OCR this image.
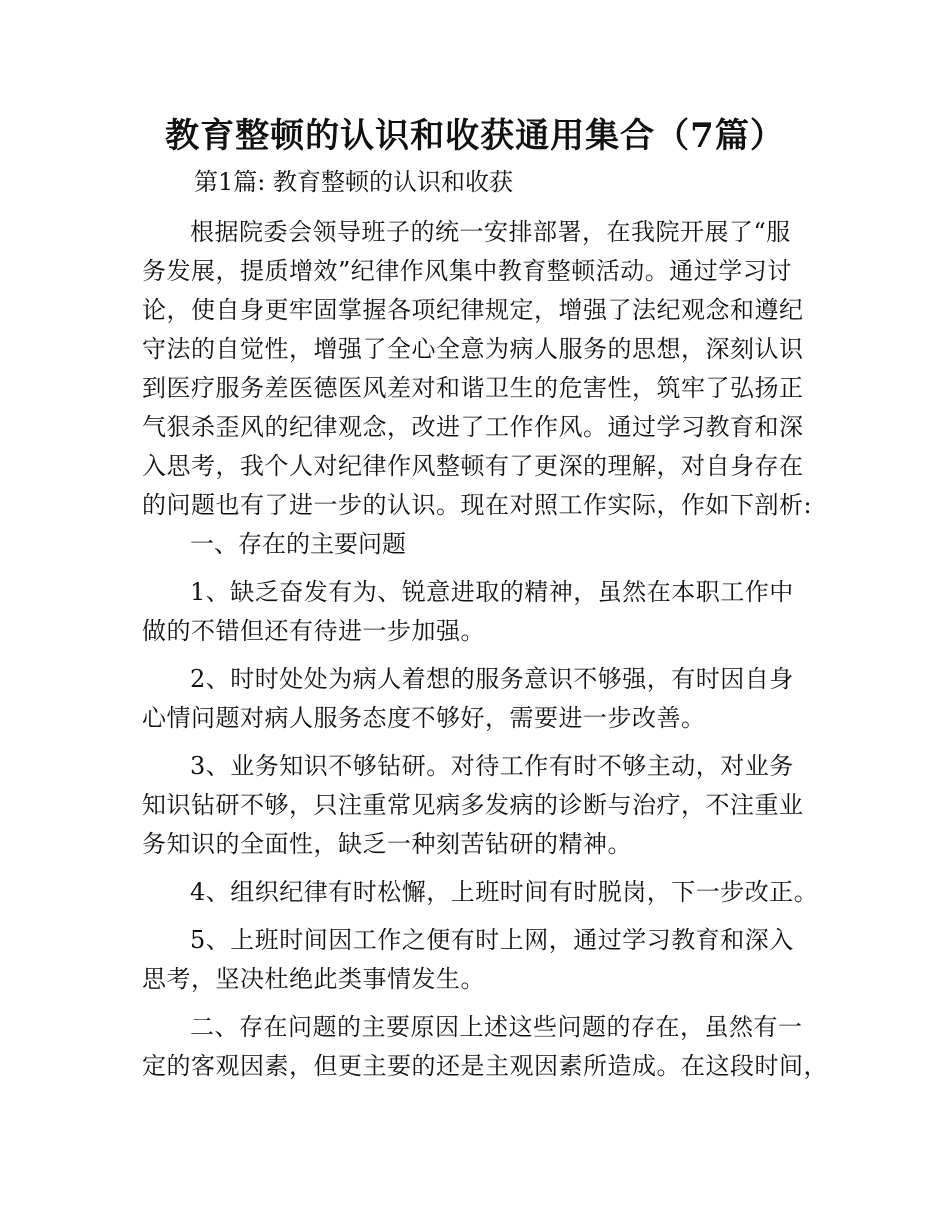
教育整顿的认识和收获通用集合（7篇）

第1篇: 教育整顿的认识和收获

根据院委会领导班子的统一安排部署，在我院开展了“服
务发展，提质增效”纪律作风集中教育整顿活动。通过学习讨
论，使自身更牢固掌握各项纪律规定，增强了法纪观念和遵纪
守法的自觉性，增强了全心全意为病人服务的思想，深刻认识
到医疗服务差医德医风差对和谐卫生的危害性，筑牢了弘扬正
气狠杀歪风的纪律观念，改进了工作作风。通过学习教育和深
入思考，我个人对纪律作风整顿有了更深的理解，对自身存在
的问题也有了进一步的认识。现在对照工作实际，作如下剖析:

一、存在的主要问题

1、缺乏奋发有为、锐意进取的精神，虽然在本职工作中
做的不错但还有待进一步加强。

2、时时处处为病人着想的服务意识不够强，有时因自身
心情问题对病人服务态度不够好，需要进一步改善。

3、业务知识不够钻研。对待工作有时不够主动，对业务
知识钻研不够，只注重常见病多发病的诊断与治疗，不注重业
务知识的全面性，缺乏一种刻苦钻研的精神。

4、组织纪律有时松懈，上班时间有时脱岗，下一步改正。

5、上班时间因工作之便有时上网，通过学习教育和深入
思考，坚决杜绝此类事情发生。

二、存在问题的主要原因上述这些问题的存在，虽然有一
定的客观因素，但更主要的还是主观因素所造成。在这段时间，
